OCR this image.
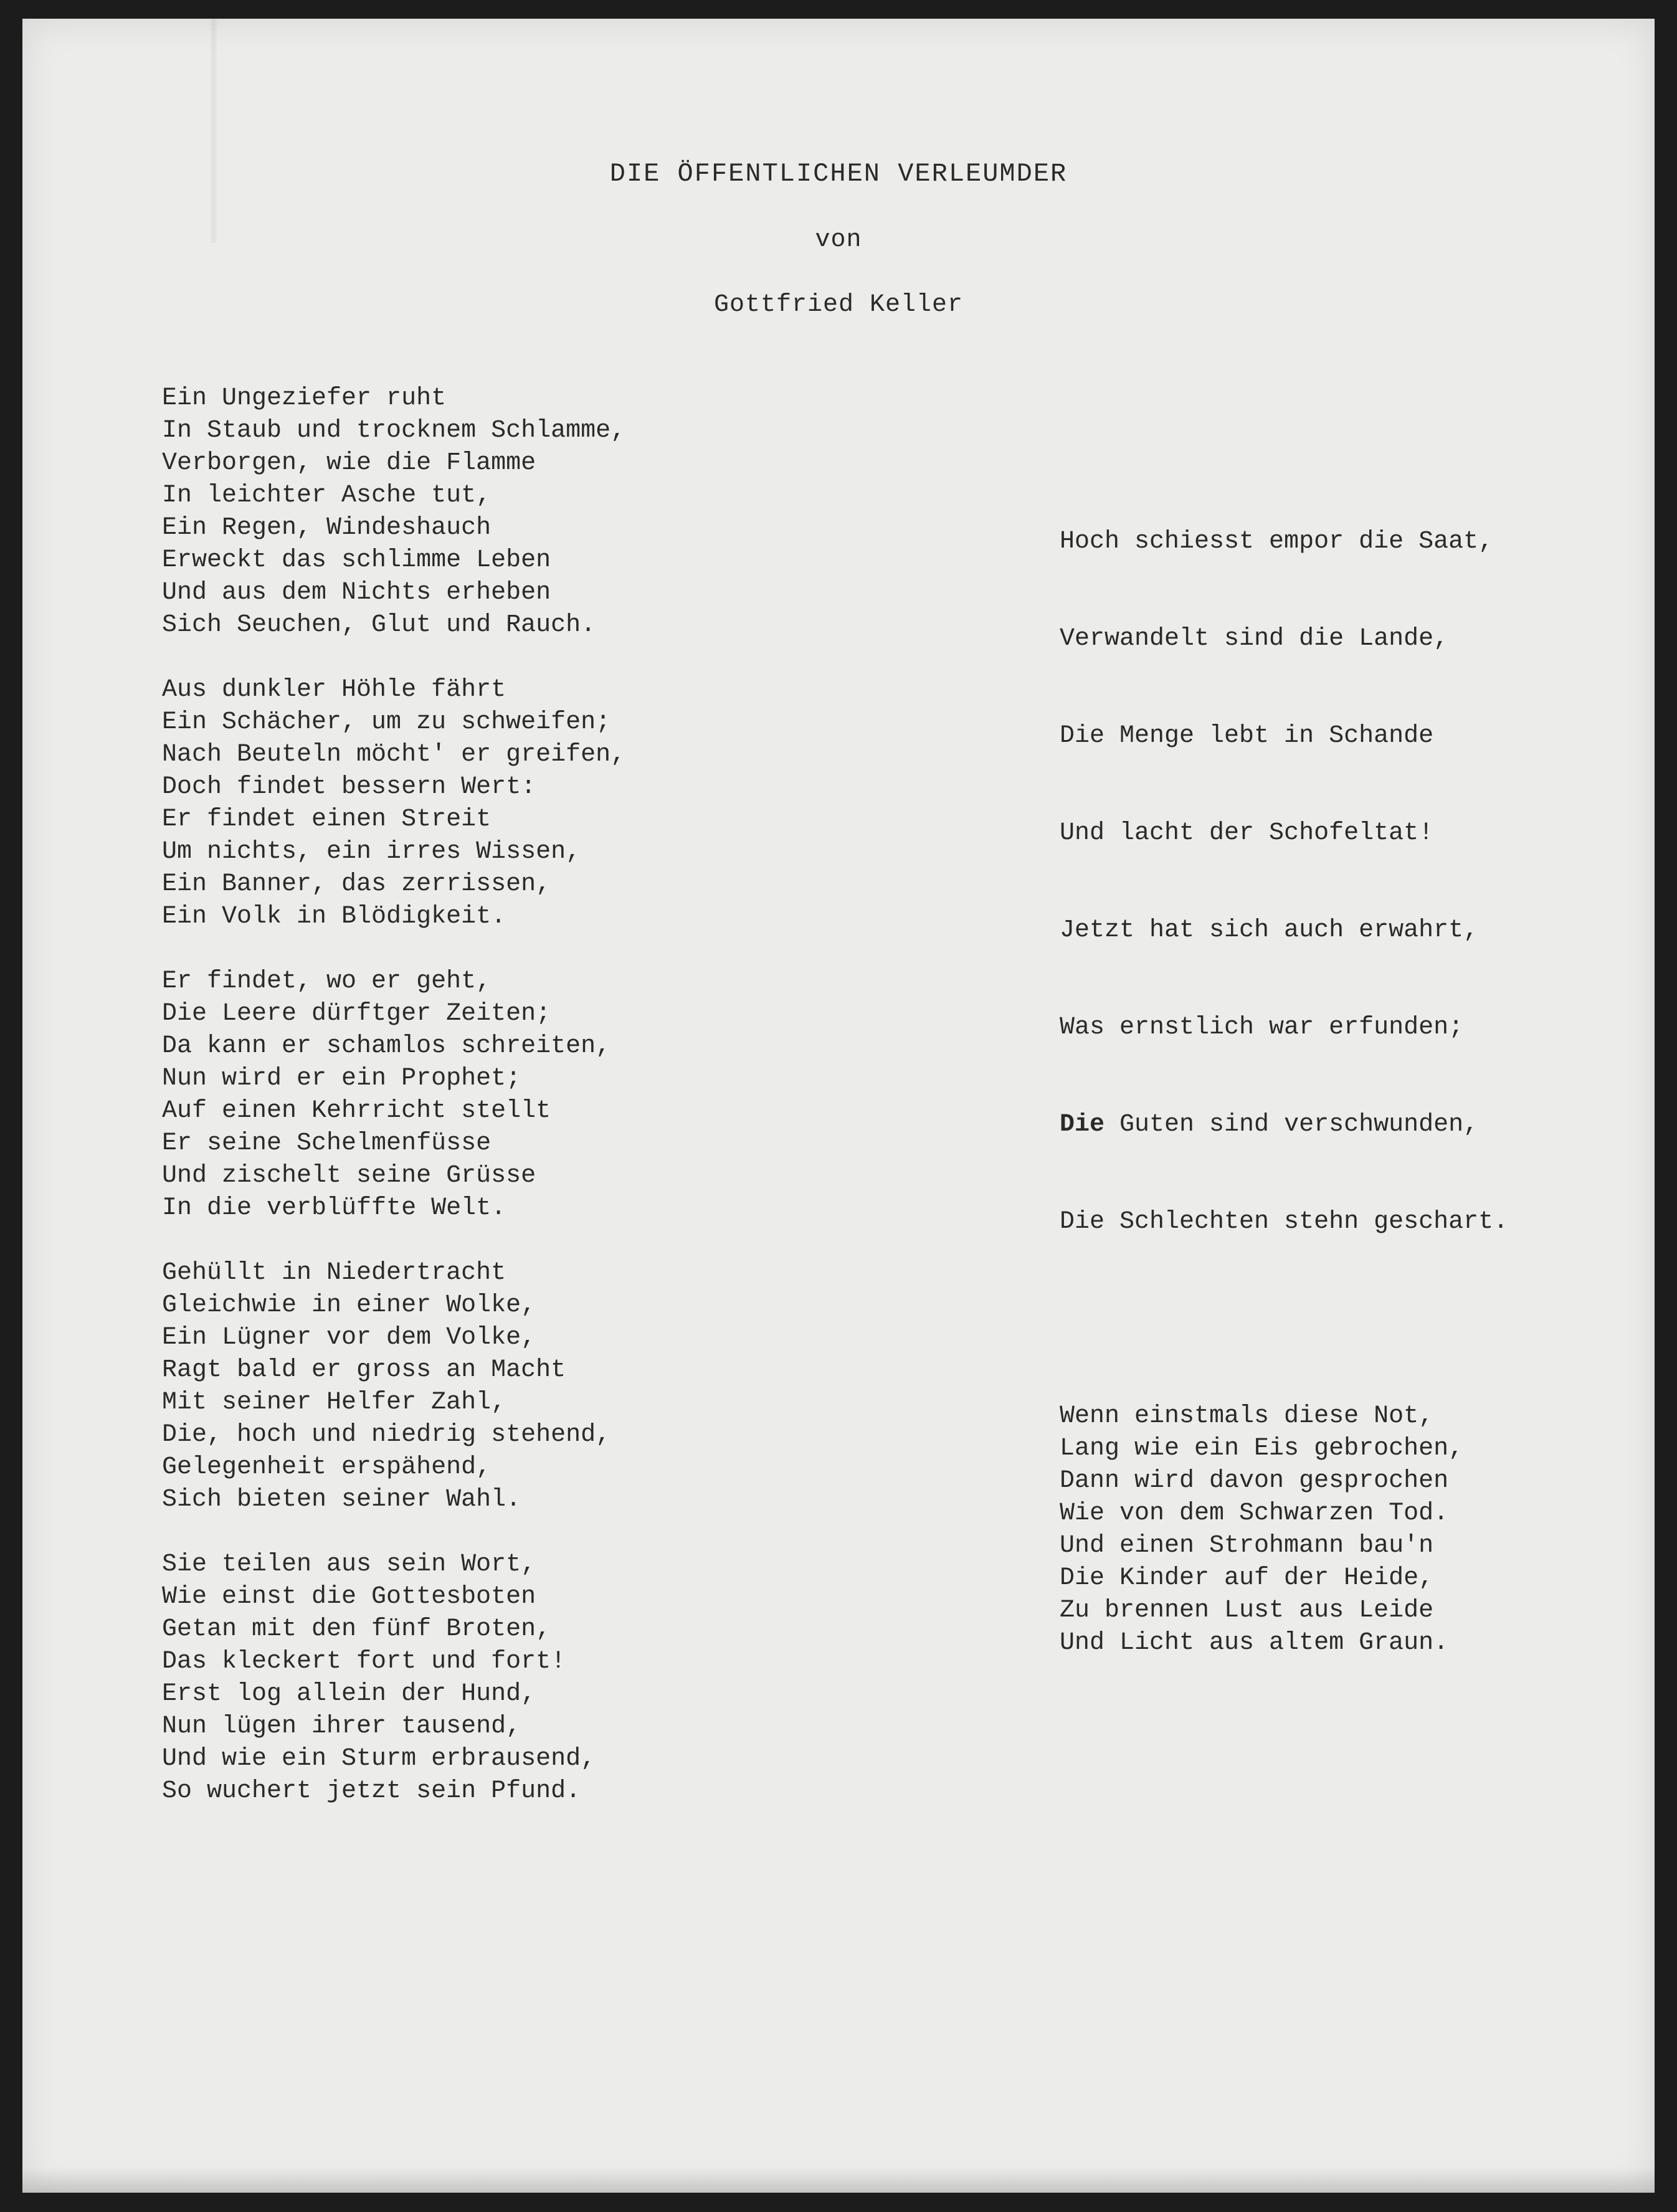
DIE ÖFFENTLICHEN VERLEUMDER
von
Gottfried Keller
Ein Ungeziefer ruht
In Staub und trocknem Schlamme,
Verborgen, wie die Flamme
In leichter Asche tut,
Ein Regen, Windeshauch
Erweckt das schlimme Leben
Und aus dem Nichts erheben
Sich Seuchen, Glut und Rauch.
Aus dunkler Höhle fährt
Ein Schächer, um zu schweifen;
Nach Beuteln möcht' er greifen,
Doch findet bessern Wert:
Er findet einen Streit
Um nichts, ein irres Wissen,
Ein Banner, das zerrissen,
Ein Volk in Blödigkeit.
Er findet, wo er geht,
Die Leere dürftger Zeiten;
Da kann er schamlos schreiten,
Nun wird er ein Prophet;
Auf einen Kehrricht stellt
Er seine Schelmenfüsse
Und zischelt seine Grüsse
In die verblüffte Welt.
Gehüllt in Niedertracht
Gleichwie in einer Wolke,
Ein Lügner vor dem Volke,
Ragt bald er gross an Macht
Mit seiner Helfer Zahl,
Die, hoch und niedrig stehend,
Gelegenheit erspähend,
Sich bieten seiner Wahl.
Sie teilen aus sein Wort,
Wie einst die Gottesboten
Getan mit den fünf Broten,
Das kleckert fort und fort!
Erst log allein der Hund,
Nun lügen ihrer tausend,
Und wie ein Sturm erbrausend,
So wuchert jetzt sein Pfund.

Hoch schiesst empor die Saat,

Verwandelt sind die Lande,

Die Menge lebt in Schande

Und lacht der Schofeltat!

Jetzt hat sich auch erwahrt,

Was ernstlich war erfunden;

Die Guten sind verschwunden,

Die Schlechten stehn geschart.

Wenn einstmals diese Not,
Lang wie ein Eis gebrochen,
Dann wird davon gesprochen
Wie von dem Schwarzen Tod.
Und einen Strohmann bau'n
Die Kinder auf der Heide,
Zu brennen Lust aus Leide
Und Licht aus altem Graun.
